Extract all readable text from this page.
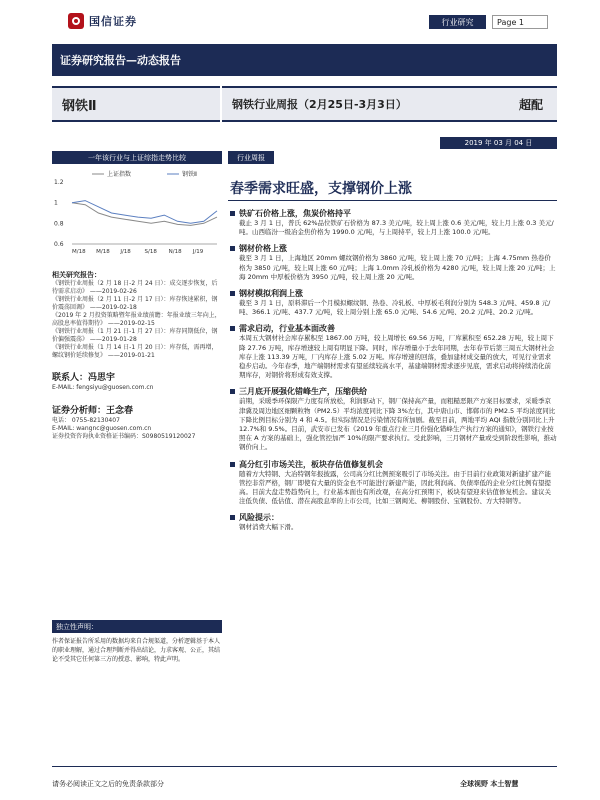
国信证券	行业研究	Page 1
证券研究报告—动态报告
钢铁Ⅱ	钢铁行业周报（2月25日-3月3日）	超配
2019 年 03 月 04 日
一年该行业与上证综指走势比较
1.2
1
0.8
0.6
M/18 M/18 J/18 S/18 N/18 J/19
上证指数	钢铁Ⅱ
相关研究报告：
《钢铁行业周报（2 月 18 日-2 月 24 日）：成交逐步恢复，后待需求启动》 ——2019-02-26
《钢铁行业周报（2 月 11 日-2 月 17 日）：库存恢速累积，钢价震荡回调》 ——2019-02-18
《2019 年 2 月投资策略暨年报业绩前瞻：年报业绩三年向上，高股息率值得期待》 ——2019-02-15
《钢铁行业周报（1 月 21 日-1 月 27 日）：库存同期低位，钢价偏强震荡》 ——2019-01-28
《钢铁行业周报（1 月 14 日-1 月 20 日）：库存低，需再增，螺纹钢价延续修复》 ——2019-01-21
联系人：冯思宇
E-MAIL: fengsiyu@guosen.com.cn
证券分析师：王念春
电话： 0755-82130407
E-MAIL: wangnc@guosen.com.cn
证券投资咨询执业资格证书编码：S0980519120027
独立性声明：
作者保证报告所采用的数据均来自合规渠道，分析逻辑基于本人的职业理解，通过合理判断并得出结论，力求客观、公正，其结论不受其它任何第三方的授意、影响，特此声明。
行业周报
春季需求旺盛，支撑钢价上涨
铁矿石价格上涨，焦炭价格持平
截止 3 月 1 日，普氏 62%品位铁矿石价格为 87.3 美元/吨，较上周上涨 0.6 美元/吨，较上月上涨 0.3 美元/吨。山西临汾一级冶金焦价格为 1990.0 元/吨，与上周持平，较上月上涨 100.0 元/吨。
钢材价格上涨
截至 3 月 1 日，上海地区 20mm 螺纹钢价格为 3860 元/吨，较上周上涨 70 元/吨；上海 4.75mm 热卷价格为 3850 元/吨，较上周上涨 60 元/吨；上海 1.0mm 冷轧板价格为 4280 元/吨，较上周上涨 20 元/吨；上海 20mm 中厚板价格为 3950 元/吨，较上周上涨 20 元/吨。
钢材模拟利润上涨
截至 3 月 1 日，原料滞后一个月模拟螺纹钢、热卷、冷轧板、中厚板毛利润分别为 548.3 元/吨、459.8 元/吨、366.1 元/吨、437.7 元/吨，较上周分别上涨 65.0 元/吨、54.6 元/吨、20.2 元/吨、20.2 元/吨。
需求启动，行业基本面改善
本周五大钢材社会库存累积至 1867.00 万吨，较上周增长 69.56 万吨，厂库累积至 652.28 万吨，较上周下降 27.76 万吨，库存增速较上周有明显下降。同时，库存增量小于去年同期，去年春节后第三周五大钢材社会库存上涨 113.39 万吨，厂内库存上涨 5.02 万吨。库存增速的回落，叠加建材成交量的放大，可见行业需求稳步启动。今年春季，地产端钢材需求有望延续较高水平，基建端钢材需求逐步见底，需求启动将持续消化前期库存，对钢价将形成有效支撑。
三月底开展强化错峰生产，压缩供给
前期，采暖季环保限产力度有所放松，利润驱动下，钢厂保持高产量，而粗糙恶限产方案目标要求，采暖季京津冀及周边地区细颗粒物（PM2.5）平均浓度同比下降 3%左右，其中唐山市、邯郸市的 PM2.5 平均浓度同比下降比例目标分别为 4 和 4.5。但实际情况是污染情况有所加剧。截至目前，两地平均 AQI 指数分别同比上升 12.7%和 9.5%。目前，武安市已发布《2019 年重点行业三月份强化错峰生产执行方案的通知》，钢铁行业按照在 A 方案的基础上，强化管控加严 10%的限产要求执行。受此影响，三月钢材产量或受到阶段性影响，推动钢价向上。
高分红引市场关注，板块存估值修复机会
随着方大特钢、大冶特钢年报披露，公司高分红比例预案吸引了市场关注。由于目前行业政策对新建扩建产能管控非常严格，钢厂即使有大量的资金也不可能进行新建产能，因此利润高、负债率低的企业分红比例有望提高。目前大盘走势趋势向上，行业基本面也有所改观，在高分红预期下，板块有望迎来估值修复机会。建议关注低负债、低估值、潜在高股息率的上市公司，比如三钢闽光、柳钢股份、宝钢股份、方大特钢等。
风险提示：
钢材消费大幅下滑。
请务必阅读正文之后的免责条款部分	全球视野 本土智慧
